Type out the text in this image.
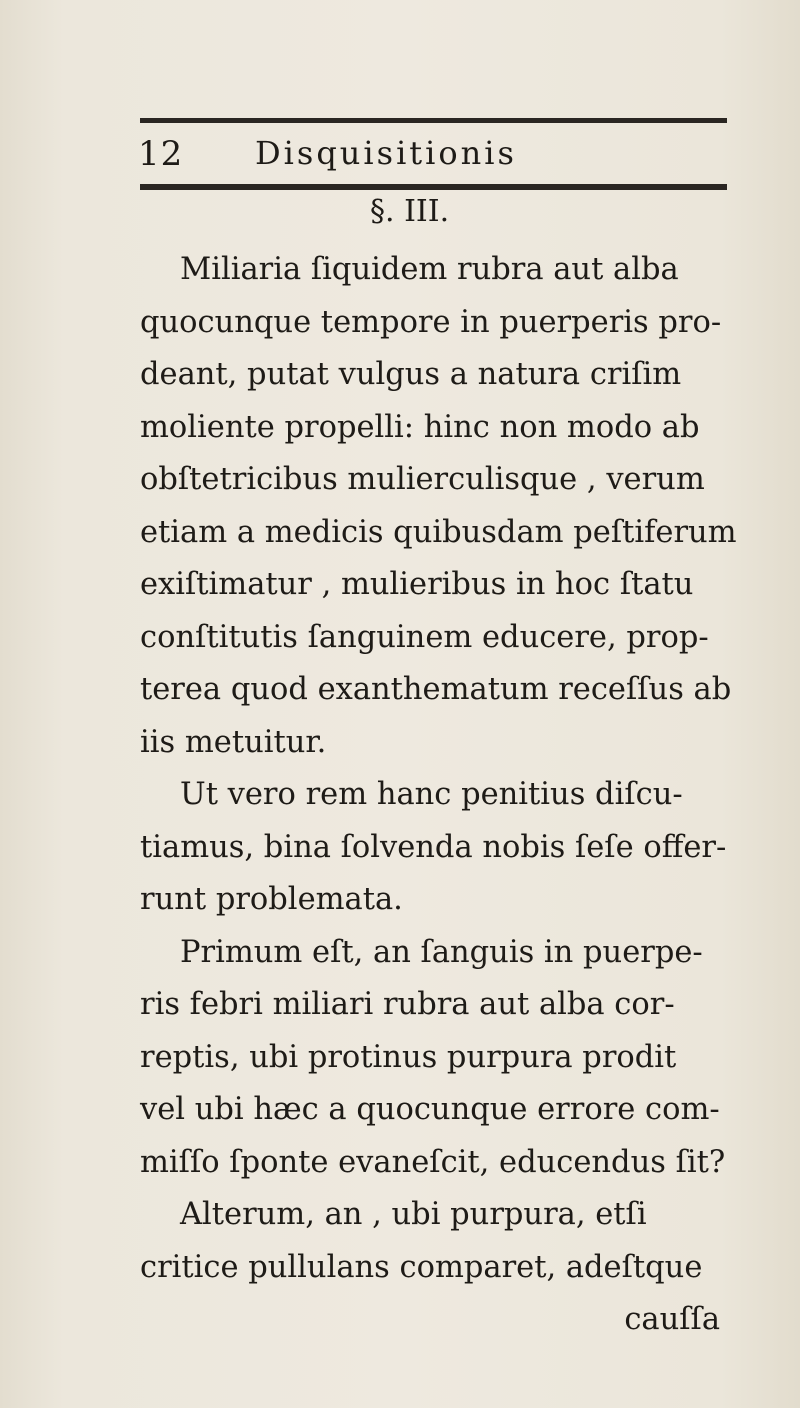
12 Disquisitionis
§. III.
Miliaria ſiquidem rubra aut alba
quocunque tempore in puerperis pro-
deant, putat vulgus a natura criſim
moliente propelli: hinc non modo ab
obſtetricibus mulierculisque , verum
etiam a medicis quibusdam peſtiferum
exiſtimatur , mulieribus in hoc ſtatu
conſtitutis ſanguinem educere, prop-
terea quod exanthematum receſſus ab
iis metuitur.
Ut vero rem hanc penitius diſcu-
tiamus, bina ſolvenda nobis ſeſe offer-
runt problemata.
Primum eſt, an ſanguis in puerpe-
ris febri miliari rubra aut alba cor-
reptis, ubi protinus purpura prodit
vel ubi hæc a quocunque errore com-
miſſo ſponte evaneſcit, educendus ſit?
Alterum, an , ubi purpura, etſi
critice pullulans comparet, adeſtque
cauſſa
